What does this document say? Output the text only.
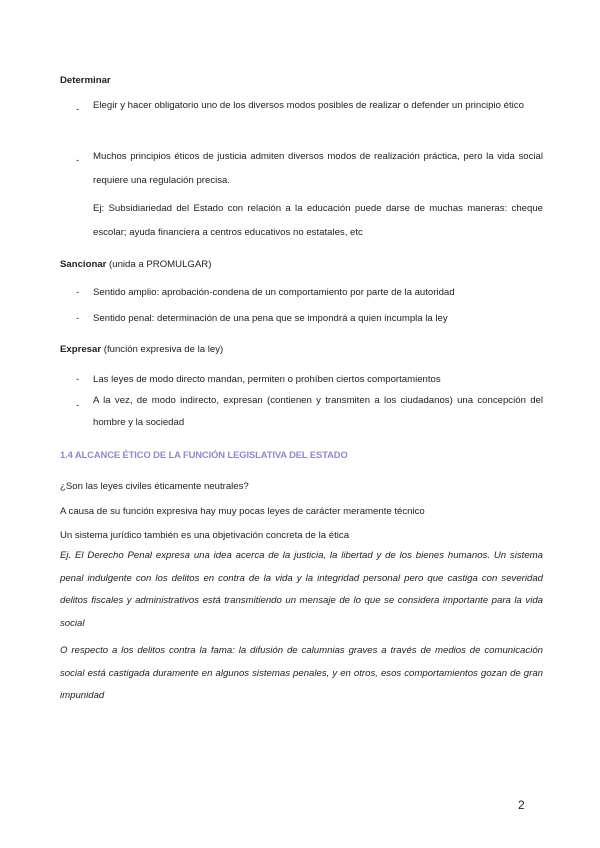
Determinar
- Elegir y hacer obligatorio uno de los diversos modos posibles de realizar o defender un principio ético
- Muchos principios éticos de justicia admiten diversos modos de realización práctica, pero la vida social requiere una regulación precisa.
Ej: Subsidiariedad del Estado con relación a la educación puede darse de muchas maneras: cheque escolar; ayuda financiera a centros educativos no estatales, etc
Sancionar (unida a PROMULGAR)
- Sentido amplio: aprobación-condena de un comportamiento por parte de la autoridad
- Sentido penal: determinación de una pena que se impondrá a quien incumpla la ley
Expresar (función expresiva de la ley)
- Las leyes de modo directo mandan, permiten o prohíben ciertos comportamientos
- A la vez, de modo indirecto, expresan (contienen y transmiten a los ciudadanos) una concepción del hombre y la sociedad
1.4 ALCANCE ÉTICO DE LA FUNCIÓN LEGISLATIVA DEL ESTADO
¿Son las leyes civiles éticamente neutrales?
A causa de su función expresiva hay muy pocas leyes de carácter meramente técnico
Un sistema jurídico también es una objetivación concreta de la ética
Ej. El Derecho Penal expresa una idea acerca de la justicia, la libertad y de los bienes humanos. Un sistema penal indulgente con los delitos en contra de la vida y la integridad personal pero que castiga con severidad delitos fiscales y administrativos está transmitiendo un mensaje de lo que se considera importante para la vida social
O respecto a los delitos contra la fama: la difusión de calumnias graves a través de medios de comunicación social está castigada duramente en algunos sistemas penales, y en otros, esos comportamientos gozan de gran impunidad
2
